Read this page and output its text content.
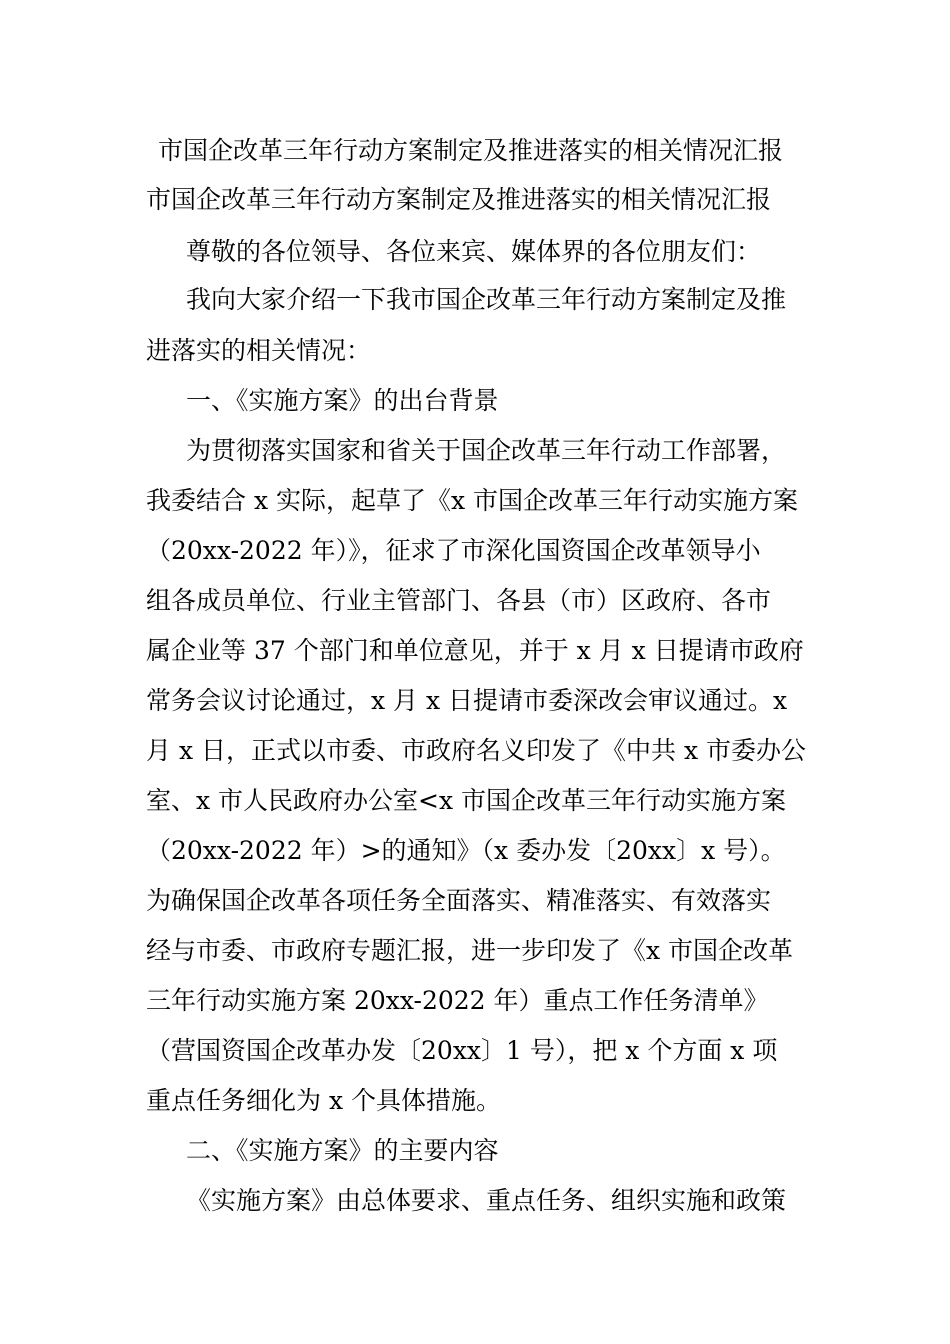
市国企改革三年行动方案制定及推进落实的相关情况汇报
市国企改革三年行动方案制定及推进落实的相关情况汇报
尊敬的各位领导、各位来宾、媒体界的各位朋友们：
我向大家介绍一下我市国企改革三年行动方案制定及推
进落实的相关情况：
一、《实施方案》的出台背景
为贯彻落实国家和省关于国企改革三年行动工作部署，
我委结合 x 实际，起草了《x 市国企改革三年行动实施方案
（20xx-2022 年）》，征求了市深化国资国企改革领导小
组各成员单位、行业主管部门、各县（市）区政府、各市
属企业等 37 个部门和单位意见，并于 x 月 x 日提请市政府
常务会议讨论通过，x 月 x 日提请市委深改会审议通过。x
月 x 日，正式以市委、市政府名义印发了《中共 x 市委办公
室、x 市人民政府办公室<x 市国企改革三年行动实施方案
（20xx-2022 年）>的通知》（x 委办发〔20xx〕x 号）。
为确保国企改革各项任务全面落实、精准落实、有效落实
经与市委、市政府专题汇报，进一步印发了《x 市国企改革
三年行动实施方案 20xx-2022 年）重点工作任务清单》
（营国资国企改革办发〔20xx〕1 号），把 x 个方面 x 项
重点任务细化为 x 个具体措施。
二、《实施方案》的主要内容
《实施方案》由总体要求、重点任务、组织实施和政策
